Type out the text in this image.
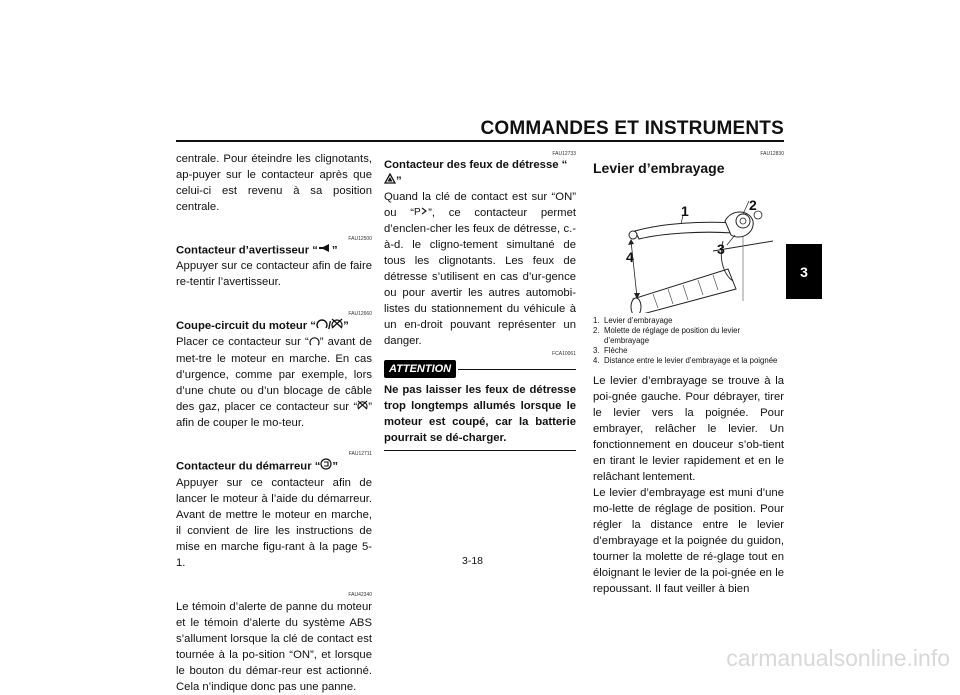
COMMANDES ET INSTRUMENTS
3

centrale. Pour éteindre les clignotants, ap-puyer sur le contacteur après que celui-ci est revenu à sa position centrale.

FAU12500
Contacteur d’avertisseur “ ”

Appuyer sur ce contacteur afin de faire re-tentir l’avertisseur.

FAU12660
Coupe-circuit du moteur “ / ”

Placer ce contacteur sur “ ” avant de met-tre le moteur en marche. En cas d’urgence, comme par exemple, lors d’une chute ou d’un blocage de câble des gaz, placer ce contacteur sur “ ” afin de couper le mo-teur.

FAU12711
Contacteur du démarreur “ ”

Appuyer sur ce contacteur afin de lancer le moteur à l’aide du démarreur. Avant de mettre le moteur en marche, il convient de lire les instructions de mise en marche figu-rant à la page 5-1.

FAU42340

Le témoin d’alerte de panne du moteur et le témoin d’alerte du système ABS s’allument lorsque la clé de contact est tournée à la po-sition “ON”, et lorsque le bouton du démar-reur est actionné. Cela n’indique donc pas une panne.

FAU12733
Contacteur des feux de détresse “”

Quand la clé de contact est sur “ON” ou “ P ”, ce contacteur permet d’enclen-cher les feux de détresse, c.-à-d. le cligno-tement simultané de tous les clignotants. Les feux de détresse s’utilisent en cas d’ur-gence ou pour avertir les autres automobi-listes du stationnement du véhicule à un en-droit pouvant représenter un danger.

FCA10061
ATTENTION
Ne pas laisser les feux de détresse trop longtemps allumés lorsque le moteur est coupé, car la batterie pourrait se dé-charger.
FAU12830
Levier d’embrayage
1	2
3
4
1. Levier d’embrayage
2. Molette de réglage de position du levier d’embrayage
3. Flèche
4. Distance entre le levier d’embrayage et la poignée

Le levier d’embrayage se trouve à la poi-gnée gauche. Pour débrayer, tirer le levier vers la poignée. Pour embrayer, relâcher le levier. Un fonctionnement en douceur s’ob-tient en tirant le levier rapidement et en le relâchant lentement.

Le levier d’embrayage est muni d’une mo-lette de réglage de position. Pour régler la distance entre le levier d’embrayage et la poignée du guidon, tourner la molette de ré-glage tout en éloignant le levier de la poi-gnée en le repoussant. Il faut veiller à bien

3-18
carmanualsonline.info
